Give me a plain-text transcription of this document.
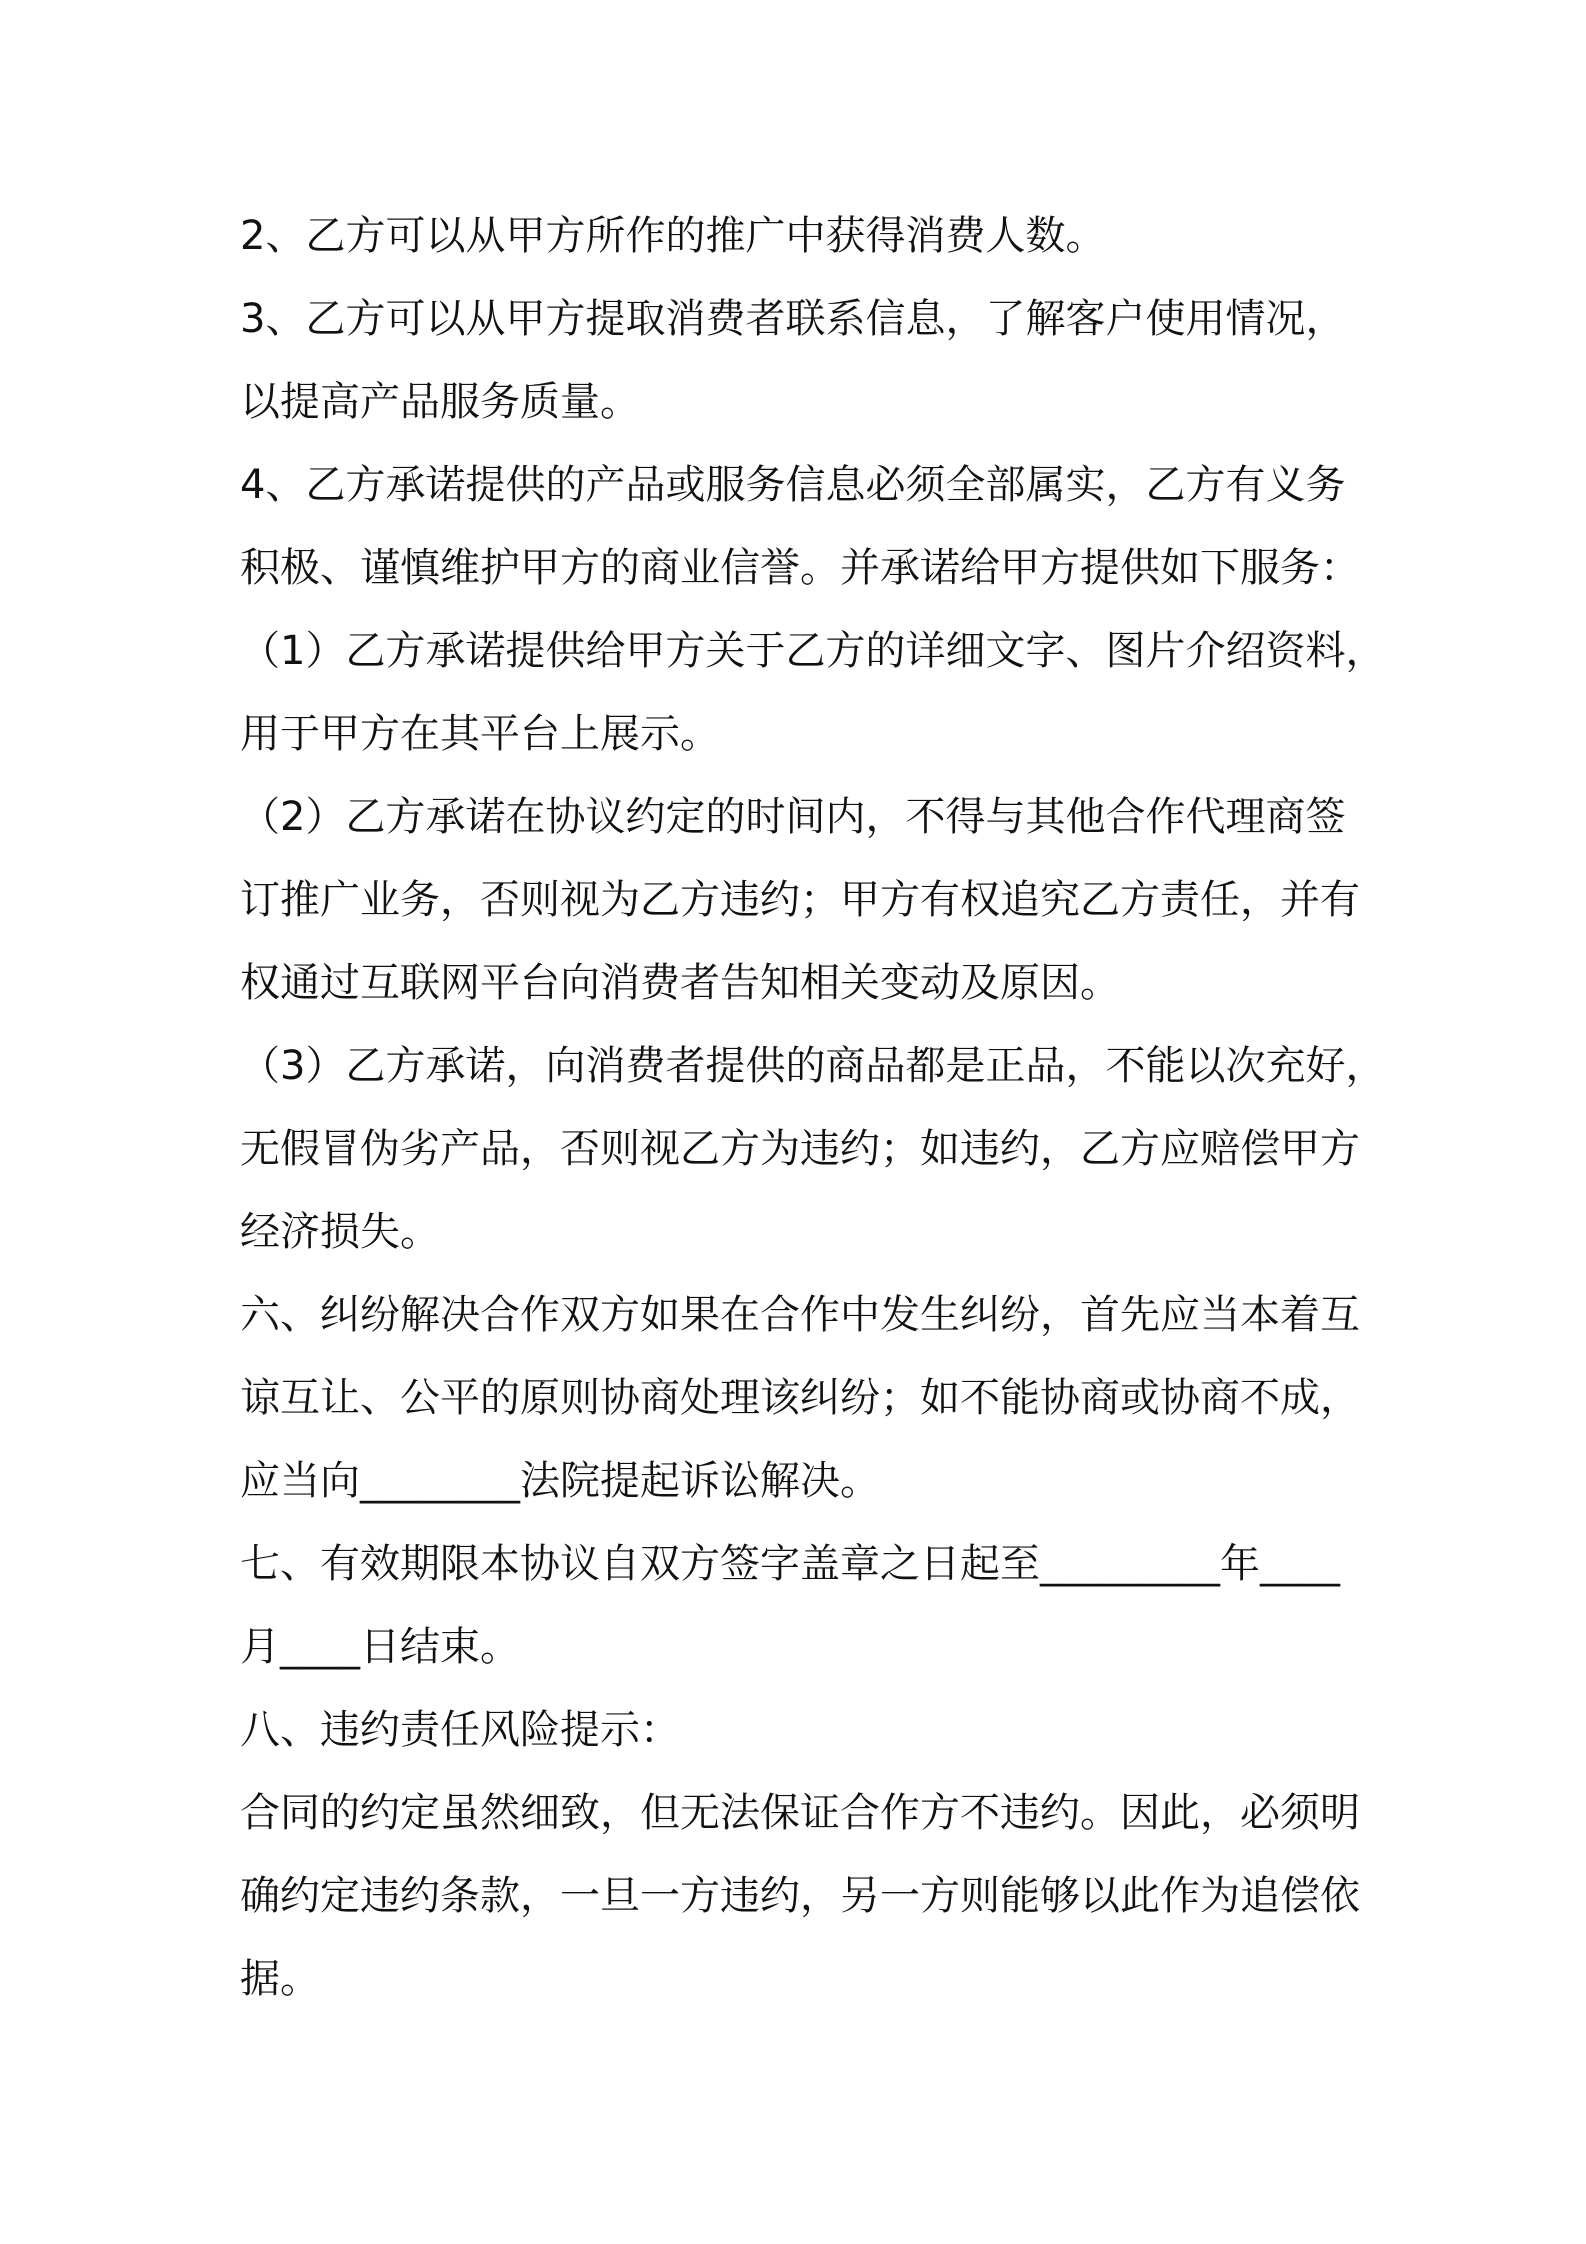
2、乙方可以从甲方所作的推广中获得消费人数。
3、乙方可以从甲方提取消费者联系信息，了解客户使用情况，
以提高产品服务质量。
4、乙方承诺提供的产品或服务信息必须全部属实，乙方有义务
积极、谨慎维护甲方的商业信誉。并承诺给甲方提供如下服务：
（1）乙方承诺提供给甲方关于乙方的详细文字、图片介绍资料，
用于甲方在其平台上展示。
（2）乙方承诺在协议约定的时间内，不得与其他合作代理商签
订推广业务，否则视为乙方违约；甲方有权追究乙方责任，并有
权通过互联网平台向消费者告知相关变动及原因。
（3）乙方承诺，向消费者提供的商品都是正品，不能以次充好，
无假冒伪劣产品，否则视乙方为违约；如违约，乙方应赔偿甲方
经济损失。
六、纠纷解决合作双方如果在合作中发生纠纷，首先应当本着互
谅互让、公平的原则协商处理该纠纷；如不能协商或协商不成，
应当向________法院提起诉讼解决。
七、有效期限本协议自双方签字盖章之日起至_________年____
月____日结束。
八、违约责任风险提示：
合同的约定虽然细致，但无法保证合作方不违约。因此，必须明
确约定违约条款，一旦一方违约，另一方则能够以此作为追偿依
据。
